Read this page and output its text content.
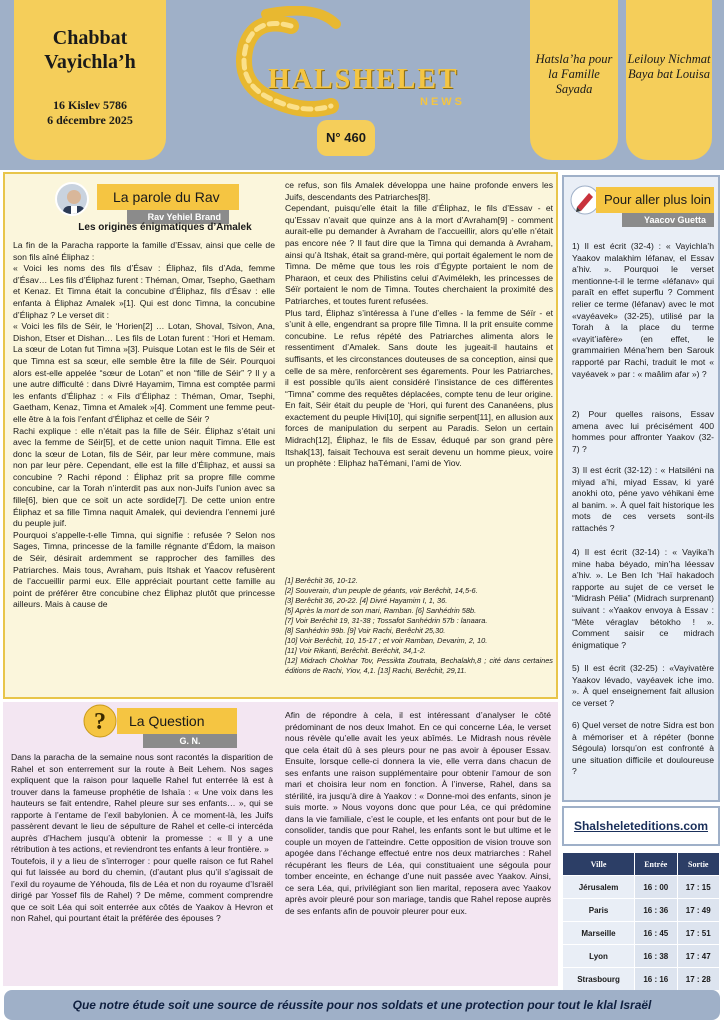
Chabbat
Vayichla’h
16 Kislev 5786
6 décembre 2025
HALSHELET
NEWS
N° 460
Hatsla’ha pour la Famille Sayada
Leilouy Nichmat Baya bat Louisa
La parole du Rav
Rav Yehiel Brand
Les origines énigmatiques d’Amalek

La fin de la Paracha rapporte la famille d’Essav, ainsi que celle de son fils aîné Éliphaz :

« Voici les noms des fils d’Ésav : Éliphaz, fils d’Ada, femme d’Ésav… Les fils d’Éliphaz furent : Théman, Omar, Tsepho, Gaetham et Kenaz. Et Timna était la concubine d’Éliphaz, fils d’Ésav : elle enfanta à Éliphaz Amalek »[1]. Qui est donc Timna, la concubine d’Éliphaz ? Le verset dit :

« Voici les fils de Séir, le ‘Horien[2] … Lotan, Shoval, Tsivon, Ana, Dishon, Etser et Dishan… Les fils de Lotan furent : ‘Hori et Hemam. La sœur de Lotan fut Timna »[3]. Puisque Lotan est le fils de Séir et que Timna est sa sœur, elle semble être la fille de Séir. Pourquoi alors est-elle appelée “sœur de Lotan” et non “fille de Séir” ? Il y a une autre difficulté : dans Divré Hayamim, Timna est comptée parmi les enfants d’Éliphaz : « Fils d’Éliphaz : Théman, Omar, Tsephi, Gaetham, Kenaz, Timna et Amalek »[4]. Comment une femme peut-elle être à la fois l’enfant d’Éliphaz et celle de Séir ?

Rachi explique : elle n’était pas la fille de Séir. Éliphaz s’était uni avec la femme de Séir[5], et de cette union naquit Timna. Elle est donc la sœur de Lotan, fils de Séir, par leur mère commune, mais non par leur père. Cependant, elle est la fille d’Éliphaz, et aussi sa concubine ? Rachi répond : Éliphaz prit sa propre fille comme concubine, car la Torah n’interdit pas aux non-Juifs l’union avec sa fille[6], bien que ce soit un acte sordide[7]. De cette union entre Éliphaz et sa fille Timna naquit Amalek, qui deviendra l’ennemi juré du peuple juif.

Pourquoi s’appelle-t-elle Timna, qui signifie : refusée ? Selon nos Sages, Timna, princesse de la famille régnante d’Édom, la maison de Séir, désirait ardemment se rapprocher des familles des Patriarches. Mais tous, Avraham, puis Itshak et Yaacov refusèrent de l’accueillir parmi eux. Elle appréciait pourtant cette famille au point de préférer être concubine chez Éliphaz plutôt que princesse ailleurs. Mais à cause de

ce refus, son fils Amalek développa une haine profonde envers les Juifs, descendants des Patriarches[8].

Cependant, puisqu’elle était la fille d’Éliphaz, le fils d’Essav - et qu’Essav n’avait que quinze ans à la mort d’Avraham[9] - comment aurait-elle pu demander à Avraham de l’accueillir, alors qu’elle n’était pas encore née ? Il faut dire que la Timna qui demanda à Avraham, ainsi qu’à Itshak, était sa grand-mère, qui portait également le nom de Timna. De même que tous les rois d’Égypte portaient le nom de Pharaon, et ceux des Philistins celui d’Avimélekh, les princesses de Séïr portaient le nom de Timna. Toutes cherchaient la proximité des Patriarches, et toutes furent refusées.

Plus tard, Éliphaz s’intéressa à l’une d’elles - la femme de Séïr - et s’unit à elle, engendrant sa propre fille Timna. Il la prit ensuite comme concubine. Le refus répété des Patriarches alimenta alors le ressentiment d’Amalek. Sans doute les jugeait-il hautains et suffisants, et les circonstances douteuses de sa conception, ainsi que celle de sa mère, renforcèrent ses égarements. Pour les Patriarches, il est possible qu’ils aient considéré l’insistance de ces différentes “Timna” comme des requêtes déplacées, compte tenu de leur origine. En fait, Séir était du peuple de ‘Hori, qui furent des Cananéens, plus exactement du peuple Hivi[10], qui signifie serpent[11], en allusion aux forces de manipulation du serpent au Paradis. Selon un certain Midrach[12], Éliphaz, le fils de Essav, éduqué par son grand père Itshak[13], faisait Techouva est serait devenu un homme pieux, voire un prophète : Eliphaz haTémani, l’ami de Yiov.

[1] Berêchit 36, 10-12.
[2] Souverain, d’un peuple de géants, voir Berêchit, 14,5-6.
[3] Berêchit 36, 20-22. [4] Divré Hayamim I, 1, 36.
[5] Après la mort de son mari, Ramban. [6] Sanhédrin 58b.
[7] Voir Berêchit 19, 31-38 ; Tossafot Sanhédrin 57b : lanaara.
[8] Sanhédrin 99b. [9] Voir Rachi, Berêchit 25,30.
[10] Voir Berêchit, 10, 15-17 ; et voir Ramban, Devarim, 2, 10.
[11] Voir Rikanti, Berêchit. Berêchit, 34,1-2.
[12] Midrach Chokhar Tov, Pessikta Zoutrata, Bechalakh,8 ; cité dans certaines éditions de Rachi, Yiov, 4,1. [13] Rachi, Berêchit, 29,11.
Pour aller plus loin
Yaacov Guetta
1) Il est écrit (32-4) : « Vayichla’h Yaakov malakhim léfanav, el Essav a’hiv. ». Pourquoi le verset mentionne-t-il le terme «léfanav» qui paraît en effet superflu ? Comment relier ce terme (léfanav) avec le mot «vayéavek» (32-25), utilisé par la Torah à la place du terme «vayit’iafère» (en effet, le grammairien Ména’hem ben Sarouk rapporté par Rachi, traduit le mot « vayéavek » par : « maâlim afar ») ?
2) Pour quelles raisons, Essav amena avec lui précisément 400 hommes pour affronter Yaakov (32-7) ?
3) Il est écrit (32-12) : « Hatsiléni na miyad a’hi, miyad Essav, ki yaré anokhi oto, péne yavo véhikani ème al banim. ». À quel fait historique les mots de ces versets sont-ils rattachés ?
4) Il est écrit (32-14) : « Vayika’h mine haba béyado, min’ha léessav a’hiv. ». Le Ben Ich ‘Haï hakadoch rapporte au sujet de ce verset le “Midrash Pélia” (Midrach surprenant) suivant : «Yaakov envoya à Essav : “Mète véraglav bétokho ! ». Comment saisir ce midrach énigmatique ?
5) Il est écrit (32-25) : «Vayivatère Yaakov lévado, vayéavek iche imo. ». À quel enseignement fait allusion ce verset ?
6) Quel verset de notre Sidra est bon à mémoriser et à répéter (bonne Ségoula) lorsqu’on est confronté à une situation difficile et douloureuse ?
Shalsheleteditions.com
Ville	Entrée	Sortie
Jérusalem	16 : 00	17 : 15
Paris	16 : 36	17 : 49
Marseille	16 : 45	17 : 51
Lyon	16 : 38	17 : 47
Strasbourg	16 : 16	17 : 28
?	La Question
G. N.

Dans la paracha de la semaine nous sont racontés la disparition de Rahel et son enterrement sur la route à Beit Lehem. Nos sages expliquent que la raison pour laquelle Rahel fut enterrée là est à trouver dans la fameuse prophétie de Ishaïa : « Une voix dans les hauteurs se fait entendre, Rahel pleure sur ses enfants… », qui se rapporte à l’entame de l’exil babylonien. À ce moment-là, les Juifs passèrent devant le lieu de sépulture de Rahel et celle-ci intercéda auprès d’Hachem jusqu’à obtenir la promesse : « Il y a une rétribution à tes actions, et reviendront tes enfants à leur frontière. »

Toutefois, il y a lieu de s’interroger : pour quelle raison ce fut Rahel qui fut laissée au bord du chemin, (d’autant plus qu’il s’agissait de l’exil du royaume de Yéhouda, fils de Léa et non du royaume d’Israël dirigé par Yossef fils de Rahel) ? De même, comment comprendre que ce soit Léa qui soit enterrée aux côtés de Yaakov à Hevron et non Rahel, qui pourtant était la préférée des épouses ?

Afin de répondre à cela, il est intéressant d’analyser le côté prédominant de nos deux Imahot. En ce qui concerne Léa, le verset nous révèle qu’elle avait les yeux abîmés. Le Midrash nous révèle que cela était dû à ses pleurs pour ne pas avoir à épouser Essav. Ensuite, lorsque celle-ci donnera la vie, elle verra dans chacun de ses enfants une raison supplémentaire pour obtenir l’amour de son mari et choisira leur nom en fonction. À l’inverse, Rahel, dans sa stérilité, ira jusqu’à dire à Yaakov : « Donne-moi des enfants, sinon je suis morte. » Nous voyons donc que pour Léa, ce qui prédomine dans la vie familiale, c’est le couple, et les enfants ont pour but de le consolider, tandis que pour Rahel, les enfants sont le but ultime et le couple un moyen de l’atteindre. Cette opposition de vision trouve son apogée dans l’échange effectué entre nos deux matriarches : Rahel récupérant les fleurs de Léa, qui constituaient une ségoula pour tomber enceinte, en échange d’une nuit passée avec Yaakov. Ainsi, ce sera Léa, qui, privilégiant son lien marital, reposera avec Yaakov après avoir pleuré pour son mariage, tandis que Rahel repose auprès de ses enfants afin de pouvoir pleurer pour eux.

Que notre étude soit une source de réussite pour nos soldats et une protection pour tout le klal Israël
